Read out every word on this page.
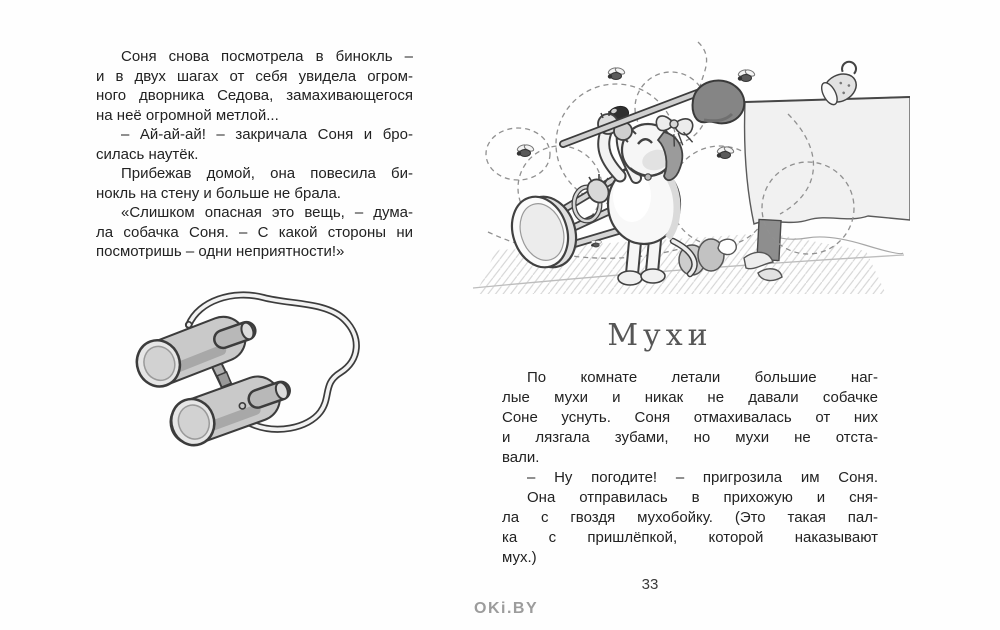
Соня снова посмотрела в бинокль –
и в двух шагах от себя увидела огром-
ного дворника Седова, замахивающегося
на неё огромной метлой...
– Ай-ай-ай! – закричала Соня и бро-
силась наутёк.
Прибежав домой, она повесила би-
нокль на стену и больше не брала.
«Слишком опасная это вещь, – дума-
ла собачка Соня. – С какой стороны ни
посмотришь – одни неприятности!»
Мухи
По комнате летали большие наг-
лые мухи и никак не давали собачке
Соне уснуть. Соня отмахивалась от них
и лязгала зубами, но мухи не отста-
вали.
– Ну погодите! – пригрозила им Соня.
Она отправилась в прихожую и сня-
ла с гвоздя мухобойку. (Это такая пал-
ка с пришлёпкой, которой наказывают
мух.)
33
OKi.BY
